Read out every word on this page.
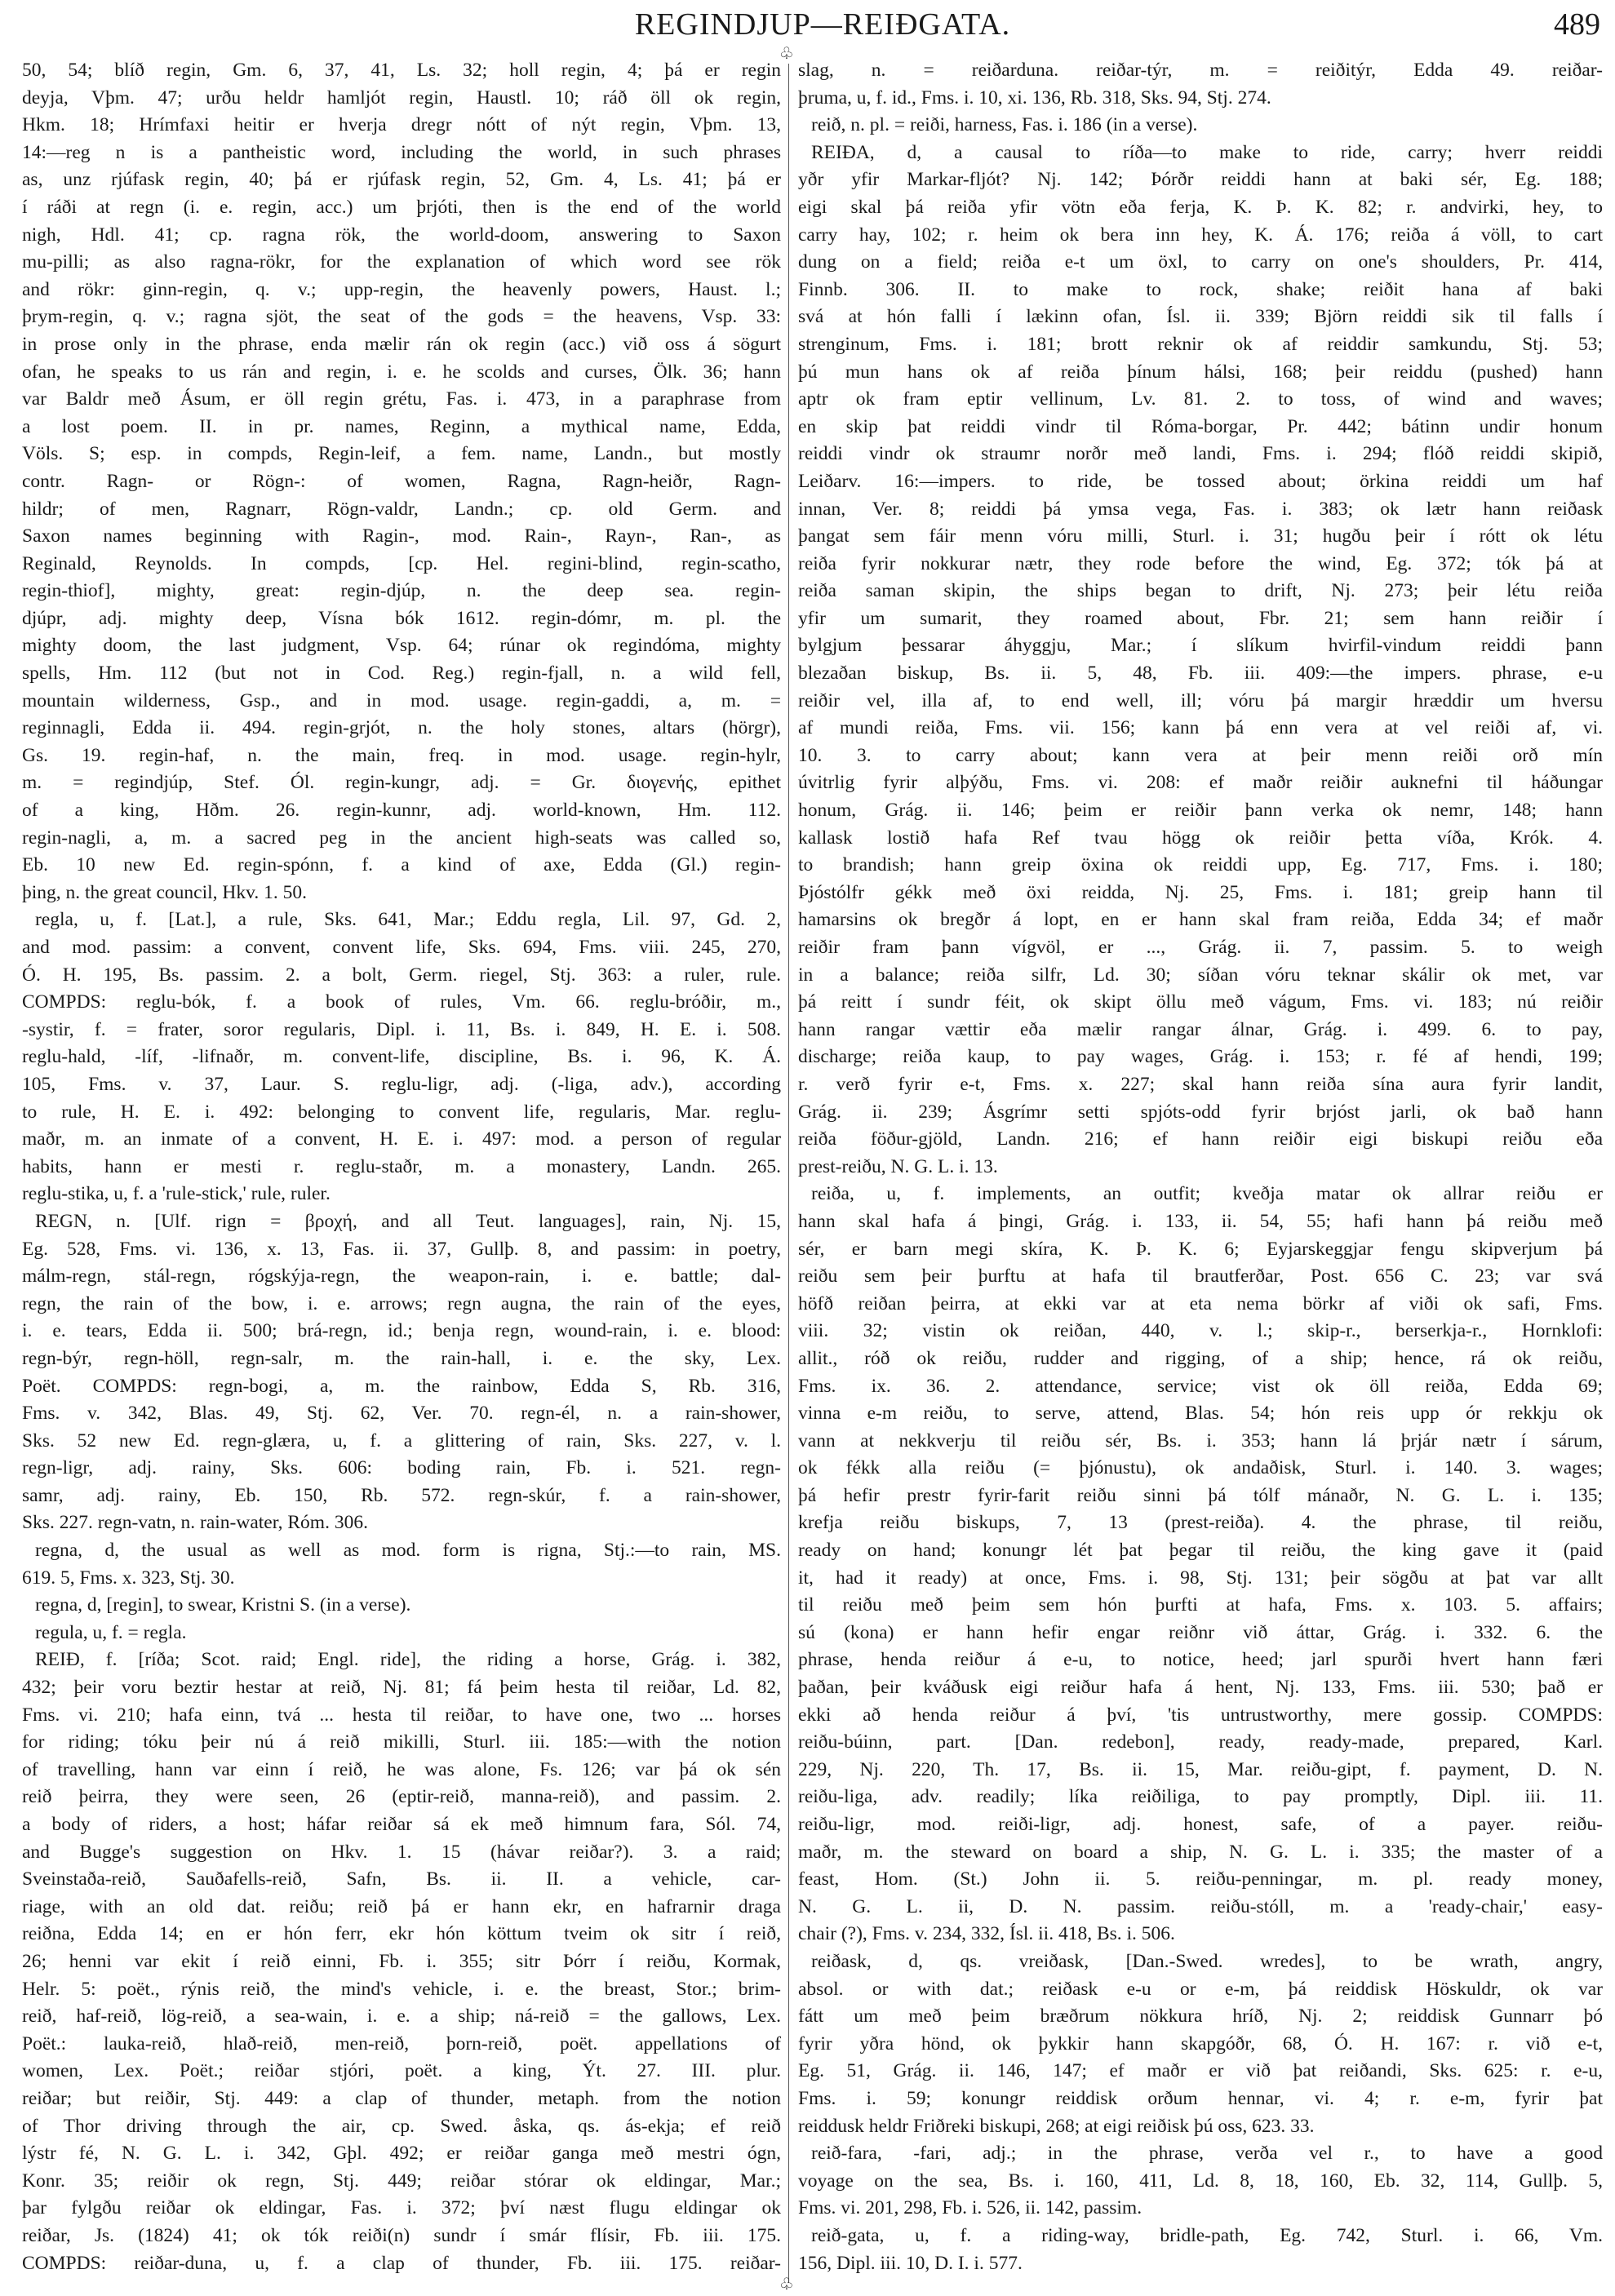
REGINDJUP—REIÐGATA.	489
50, 54; blíð regin, Gm. 6, 37, 41, Ls. 32; holl regin, 4; þá er regin
deyja, Vþm. 47; urðu heldr hamljót regin, Haustl. 10; ráð öll ok regin,
Hkm. 18; Hrímfaxi heitir er hverja dregr nótt of nýt regin, Vþm. 13,
14:—reg n is a pantheistic word, including the world, in such phrases
as, unz rjúfask regin, 40; þá er rjúfask regin, 52, Gm. 4, Ls. 41; þá er
í ráði at regn (i. e. regin, acc.) um þrjóti, then is the end of the world
nigh, Hdl. 41; cp. ragna rök, the world-doom, answering to Saxon
mu-pilli; as also ragna-rökr, for the explanation of which word see rök
and rökr: ginn-regin, q. v.; upp-regin, the heavenly powers, Haust. l.;
þrym-regin, q. v.; ragna sjöt, the seat of the gods = the heavens, Vsp. 33:
in prose only in the phrase, enda mælir rán ok regin (acc.) við oss á sögurt
ofan, he speaks to us rán and regin, i. e. he scolds and curses, Ölk. 36; hann
var Baldr með Ásum, er öll regin grétu, Fas. i. 473, in a paraphrase from
a lost poem. II. in pr. names, Reginn, a mythical name, Edda,
Völs. S; esp. in compds, Regin-leif, a fem. name, Landn., but mostly
contr. Ragn- or Rögn-: of women, Ragna, Ragn-heiðr, Ragn-
hildr; of men, Ragnarr, Rögn-valdr, Landn.; cp. old Germ. and
Saxon names beginning with Ragin-, mod. Rain-, Rayn-, Ran-, as
Reginald, Reynolds. In compds, [cp. Hel. regini-blind, regin-scatho,
regin-thiof], mighty, great: regin-djúp, n. the deep sea. regin-
djúpr, adj. mighty deep, Vísna bók 1612. regin-dómr, m. pl. the
mighty doom, the last judgment, Vsp. 64; rúnar ok regindóma, mighty
spells, Hm. 112 (but not in Cod. Reg.) regin-fjall, n. a wild fell,
mountain wilderness, Gsp., and in mod. usage. regin-gaddi, a, m. =
reginnagli, Edda ii. 494. regin-grjót, n. the holy stones, altars (hörgr),
Gs. 19. regin-haf, n. the main, freq. in mod. usage. regin-hylr,
m. = regindjúp, Stef. Ól. regin-kungr, adj. = Gr. διογενής, epithet
of a king, Hðm. 26. regin-kunnr, adj. world-known, Hm. 112.
regin-nagli, a, m. a sacred peg in the ancient high-seats was called so,
Eb. 10 new Ed. regin-spónn, f. a kind of axe, Edda (Gl.) regin-
þing, n. the great council, Hkv. 1. 50.
regla, u, f. [Lat.], a rule, Sks. 641, Mar.; Eddu regla, Lil. 97, Gd. 2,
and mod. passim: a convent, convent life, Sks. 694, Fms. viii. 245, 270,
Ó. H. 195, Bs. passim. 2. a bolt, Germ. riegel, Stj. 363: a ruler, rule.
COMPDS: reglu-bók, f. a book of rules, Vm. 66. reglu-bróðir, m.,
-systir, f. = frater, soror regularis, Dipl. i. 11, Bs. i. 849, H. E. i. 508.
reglu-hald, -líf, -lifnaðr, m. convent-life, discipline, Bs. i. 96, K. Á.
105, Fms. v. 37, Laur. S. reglu-ligr, adj. (-liga, adv.), according
to rule, H. E. i. 492: belonging to convent life, regularis, Mar. reglu-
maðr, m. an inmate of a convent, H. E. i. 497: mod. a person of regular
habits, hann er mesti r. reglu-staðr, m. a monastery, Landn. 265.
reglu-stika, u, f. a 'rule-stick,' rule, ruler.
REGN, n. [Ulf. rign = βροχή, and all Teut. languages], rain, Nj. 15,
Eg. 528, Fms. vi. 136, x. 13, Fas. ii. 37, Gullþ. 8, and passim: in poetry,
málm-regn, stál-regn, rógskýja-regn, the weapon-rain, i. e. battle; dal-
regn, the rain of the bow, i. e. arrows; regn augna, the rain of the eyes,
i. e. tears, Edda ii. 500; brá-regn, id.; benja regn, wound-rain, i. e. blood:
regn-býr, regn-höll, regn-salr, m. the rain-hall, i. e. the sky, Lex.
Poët. COMPDS: regn-bogi, a, m. the rainbow, Edda S, Rb. 316,
Fms. v. 342, Blas. 49, Stj. 62, Ver. 70. regn-él, n. a rain-shower,
Sks. 52 new Ed. regn-glæra, u, f. a glittering of rain, Sks. 227, v. l.
regn-ligr, adj. rainy, Sks. 606: boding rain, Fb. i. 521. regn-
samr, adj. rainy, Eb. 150, Rb. 572. regn-skúr, f. a rain-shower,
Sks. 227. regn-vatn, n. rain-water, Róm. 306.
regna, d, the usual as well as mod. form is rigna, Stj.:—to rain, MS.
619. 5, Fms. x. 323, Stj. 30.
regna, d, [regin], to swear, Kristni S. (in a verse).
regula, u, f. = regla.
REIÐ, f. [ríða; Scot. raid; Engl. ride], the riding a horse, Grág. i. 382,
432; þeir voru beztir hestar at reið, Nj. 81; fá þeim hesta til reiðar, Ld. 82,
Fms. vi. 210; hafa einn, tvá ... hesta til reiðar, to have one, two ... horses
for riding; tóku þeir nú á reið mikilli, Sturl. iii. 185:—with the notion
of travelling, hann var einn í reið, he was alone, Fs. 126; var þá ok sén
reið þeirra, they were seen, 26 (eptir-reið, manna-reið), and passim. 2.
a body of riders, a host; háfar reiðar sá ek með himnum fara, Sól. 74,
and Bugge's suggestion on Hkv. 1. 15 (hávar reiðar?). 3. a raid;
Sveinstaða-reið, Sauðafells-reið, Safn, Bs. ii. II. a vehicle, car-
riage, with an old dat. reiðu; reið þá er hann ekr, en hafrarnir draga
reiðna, Edda 14; en er hón ferr, ekr hón köttum tveim ok sitr í reið,
26; henni var ekit í reið einni, Fb. i. 355; sitr Þórr í reiðu, Kormak,
Helr. 5: poët., rýnis reið, the mind's vehicle, i. e. the breast, Stor.; brim-
reið, haf-reið, lög-reið, a sea-wain, i. e. a ship; ná-reið = the gallows, Lex.
Poët.: lauka-reið, hlað-reið, men-reið, þorn-reið, poët. appellations of
women, Lex. Poët.; reiðar stjóri, poët. a king, Ýt. 27. III. plur.
reiðar; but reiðir, Stj. 449: a clap of thunder, metaph. from the notion
of Thor driving through the air, cp. Swed. åska, qs. ás-ekja; ef reið
lýstr fé, N. G. L. i. 342, Gþl. 492; er reiðar ganga með mestri ógn,
Konr. 35; reiðir ok regn, Stj. 449; reiðar stórar ok eldingar, Mar.;
þar fylgðu reiðar ok eldingar, Fas. i. 372; því næst flugu eldingar ok
reiðar, Js. (1824) 41; ok tók reiði(n) sundr í smár flísir, Fb. iii. 175.
COMPDS: reiðar-duna, u, f. a clap of thunder, Fb. iii. 175. reiðar-
♧
♧
slag, n. = reiðarduna. reiðar-týr, m. = reiðitýr, Edda 49. reiðar-
þruma, u, f. id., Fms. i. 10, xi. 136, Rb. 318, Sks. 94, Stj. 274.
reið, n. pl. = reiði, harness, Fas. i. 186 (in a verse).
REIÐA, d, a causal to ríða—to make to ride, carry; hverr reiddi
yðr yfir Markar-fljót? Nj. 142; Þórðr reiddi hann at baki sér, Eg. 188;
eigi skal þá reiða yfir vötn eða ferja, K. Þ. K. 82; r. andvirki, hey, to
carry hay, 102; r. heim ok bera inn hey, K. Á. 176; reiða á völl, to cart
dung on a field; reiða e-t um öxl, to carry on one's shoulders, Pr. 414,
Finnb. 306. II. to make to rock, shake; reiðit hana af baki
svá at hón falli í lækinn ofan, Ísl. ii. 339; Björn reiddi sik til falls í
strenginum, Fms. i. 181; brott reknir ok af reiddir samkundu, Stj. 53;
þú mun hans ok af reiða þínum hálsi, 168; þeir reiddu (pushed) hann
aptr ok fram eptir vellinum, Lv. 81. 2. to toss, of wind and waves;
en skip þat reiddi vindr til Róma-borgar, Pr. 442; bátinn undir honum
reiddi vindr ok straumr norðr með landi, Fms. i. 294; flóð reiddi skipið,
Leiðarv. 16:—impers. to ride, be tossed about; örkina reiddi um haf
innan, Ver. 8; reiddi þá ymsa vega, Fas. i. 383; ok lætr hann reiðask
þangat sem fáir menn vóru milli, Sturl. i. 31; hugðu þeir í rótt ok létu
reiða fyrir nokkurar nætr, they rode before the wind, Eg. 372; tók þá at
reiða saman skipin, the ships began to drift, Nj. 273; þeir létu reiða
yfir um sumarit, they roamed about, Fbr. 21; sem hann reiðir í
bylgjum þessarar áhyggju, Mar.; í slíkum hvirfil-vindum reiddi þann
blezaðan biskup, Bs. ii. 5, 48, Fb. iii. 409:—the impers. phrase, e-u
reiðir vel, illa af, to end well, ill; vóru þá margir hræddir um hversu
af mundi reiða, Fms. vii. 156; kann þá enn vera at vel reiði af, vi.
10. 3. to carry about; kann vera at þeir menn reiði orð mín
úvitrlig fyrir alþýðu, Fms. vi. 208: ef maðr reiðir auknefni til háðungar
honum, Grág. ii. 146; þeim er reiðir þann verka ok nemr, 148; hann
kallask lostið hafa Ref tvau högg ok reiðir þetta víða, Krók. 4.
to brandish; hann greip öxina ok reiddi upp, Eg. 717, Fms. i. 180;
Þjóstólfr gékk með öxi reidda, Nj. 25, Fms. i. 181; greip hann til
hamarsins ok bregðr á lopt, en er hann skal fram reiða, Edda 34; ef maðr
reiðir fram þann vígvöl, er ..., Grág. ii. 7, passim. 5. to weigh
in a balance; reiða silfr, Ld. 30; síðan vóru teknar skálir ok met, var
þá reitt í sundr féit, ok skipt öllu með vágum, Fms. vi. 183; nú reiðir
hann rangar vættir eða mælir rangar álnar, Grág. i. 499. 6. to pay,
discharge; reiða kaup, to pay wages, Grág. i. 153; r. fé af hendi, 199;
r. verð fyrir e-t, Fms. x. 227; skal hann reiða sína aura fyrir landit,
Grág. ii. 239; Ásgrímr setti spjóts-odd fyrir brjóst jarli, ok bað hann
reiða föður-gjöld, Landn. 216; ef hann reiðir eigi biskupi reiðu eða
prest-reiðu, N. G. L. i. 13.
reiða, u, f. implements, an outfit; kveðja matar ok allrar reiðu er
hann skal hafa á þingi, Grág. i. 133, ii. 54, 55; hafi hann þá reiðu með
sér, er barn megi skíra, K. Þ. K. 6; Eyjarskeggjar fengu skipverjum þá
reiðu sem þeir þurftu at hafa til brautferðar, Post. 656 C. 23; var svá
höfð reiðan þeirra, at ekki var at eta nema börkr af viði ok safi, Fms.
viii. 32; vistin ok reiðan, 440, v. l.; skip-r., berserkja-r., Hornklofi:
allit., róð ok reiðu, rudder and rigging, of a ship; hence, rá ok reiðu,
Fms. ix. 36. 2. attendance, service; vist ok öll reiða, Edda 69;
vinna e-m reiðu, to serve, attend, Blas. 54; hón reis upp ór rekkju ok
vann at nekkverju til reiðu sér, Bs. i. 353; hann lá þrjár nætr í sárum,
ok fékk alla reiðu (= þjónustu), ok andaðisk, Sturl. i. 140. 3. wages;
þá hefir prestr fyrir-farit reiðu sinni þá tólf mánaðr, N. G. L. i. 135;
krefja reiðu biskups, 7, 13 (prest-reiða). 4. the phrase, til reiðu,
ready on hand; konungr lét þat þegar til reiðu, the king gave it (paid
it, had it ready) at once, Fms. i. 98, Stj. 131; þeir sögðu at þat var allt
til reiðu með þeim sem hón þurfti at hafa, Fms. x. 103. 5. affairs;
sú (kona) er hann hefir engar reiðnr við áttar, Grág. i. 332. 6. the
phrase, henda reiður á e-u, to notice, heed; jarl spurði hvert hann færi
þaðan, þeir kváðusk eigi reiður hafa á hent, Nj. 133, Fms. iii. 530; það er
ekki að henda reiður á því, 'tis untrustworthy, mere gossip. COMPDS:
reiðu-búinn, part. [Dan. redebon], ready, ready-made, prepared, Karl.
229, Nj. 220, Th. 17, Bs. ii. 15, Mar. reiðu-gipt, f. payment, D. N.
reiðu-liga, adv. readily; líka reiðiliga, to pay promptly, Dipl. iii. 11.
reiðu-ligr, mod. reiði-ligr, adj. honest, safe, of a payer. reiðu-
maðr, m. the steward on board a ship, N. G. L. i. 335; the master of a
feast, Hom. (St.) John ii. 5. reiðu-penningar, m. pl. ready money,
N. G. L. ii, D. N. passim. reiðu-stóll, m. a 'ready-chair,' easy-
chair (?), Fms. v. 234, 332, Ísl. ii. 418, Bs. i. 506.
reiðask, d, qs. vreiðask, [Dan.-Swed. wredes], to be wrath, angry,
absol. or with dat.; reiðask e-u or e-m, þá reiddisk Höskuldr, ok var
fátt um með þeim bræðrum nökkura hríð, Nj. 2; reiddisk Gunnarr þó
fyrir yðra hönd, ok þykkir hann skapgóðr, 68, Ó. H. 167: r. við e-t,
Eg. 51, Grág. ii. 146, 147; ef maðr er við þat reiðandi, Sks. 625: r. e-u,
Fms. i. 59; konungr reiddisk orðum hennar, vi. 4; r. e-m, fyrir þat
reiddusk heldr Friðreki biskupi, 268; at eigi reiðisk þú oss, 623. 33.
reið-fara, -fari, adj.; in the phrase, verða vel r., to have a good
voyage on the sea, Bs. i. 160, 411, Ld. 8, 18, 160, Eb. 32, 114, Gullþ. 5,
Fms. vi. 201, 298, Fb. i. 526, ii. 142, passim.
reið-gata, u, f. a riding-way, bridle-path, Eg. 742, Sturl. i. 66, Vm.
156, Dipl. iii. 10, D. I. i. 577.
